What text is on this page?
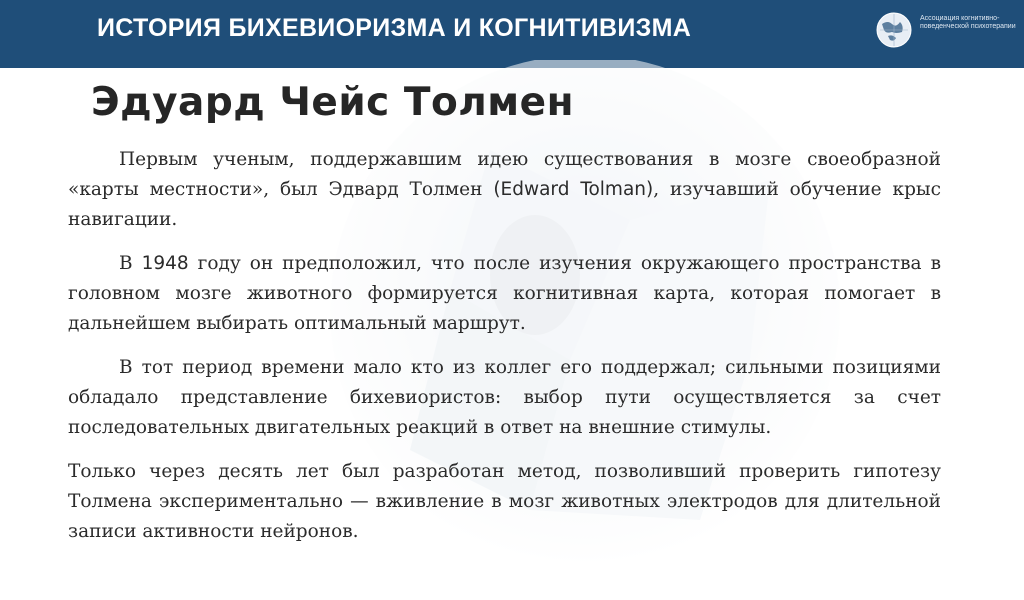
ИСТОРИЯ БИХЕВИОРИЗМА И КОГНИТИВИЗМА	Ассоциация когнитивно-поведенческой психотерапии
Эдуард Чейс Толмен

Первым ученым, поддержавшим идею существования в мозге своеобразной «карты местности», был Эдвард Толмен (Edward Tolman), изучавший обучение крыс навигации.

В 1948 году он предположил, что после изучения окружающего пространства в головном мозге животного формируется когнитивная карта, которая помогает в дальнейшем выбирать оптимальный маршрут.

В тот период времени мало кто из коллег его поддержал; сильными позициями обладало представление бихевиористов: выбор пути осуществляется за счет последовательных двигательных реакций в ответ на внешние стимулы.

Только через десять лет был разработан метод, позволивший проверить гипотезу Толмена экспериментально — вживление в мозг животных электродов для длительной записи активности нейронов.
